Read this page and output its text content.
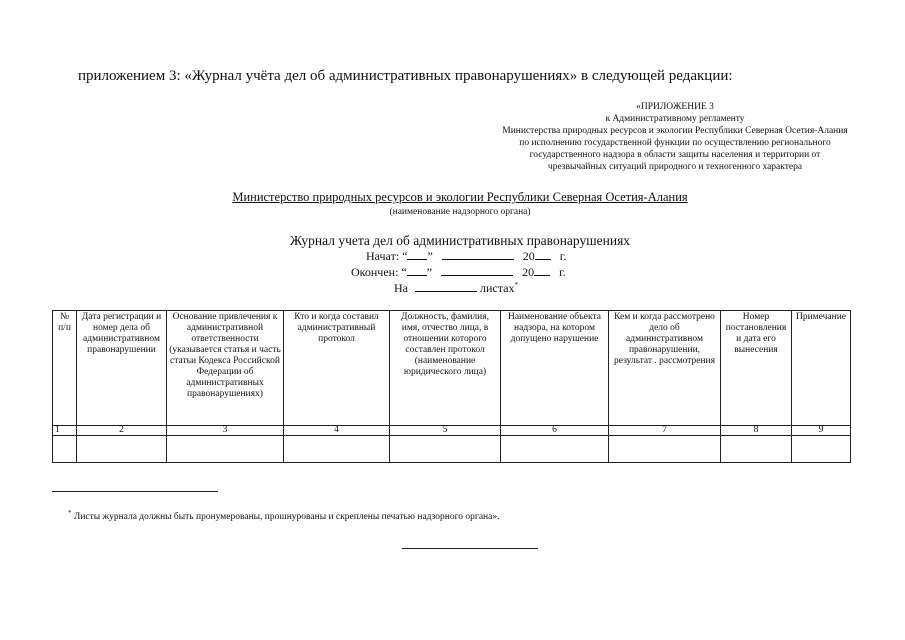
приложением 3: «Журнал учёта дел об административных правонарушениях» в следующей редакции:
«ПРИЛОЖЕНИЕ 3
к Административному регламенту
Министерства природных ресурсов и экологии Республики Северная Осетия-Алания
по исполнению государственной функции по осуществлению регионального
государственного надзора в области защиты населения и территории от
чрезвычайных ситуаций природного и техногенного характера
Министерство природных ресурсов и экологии Республики Северная Осетия-Алания
(наименование надзорного органа)
Журнал учета дел об административных правонарушениях
Начат: “ ”	20 г.
Окончен: “ ”	20 г.
На	листах*
№ п/п	Дата регистрации и номер дела об административном правонарушении	Основание привлечения к административной ответственности (указывается статья и часть статьи Кодекса Российской Федерации об административных правонарушениях)	Кто и когда составил административный протокол	Должность, фамилия, имя, отчество лица, в отношении которого составлен протокол (наименование юридического лица)	Наименование объекта надзора, на котором допущено нарушение	Кем и когда рассмотрено дело об административном правонарушении, результат . рассмотрения	Номер постановления и дата его вынесения	Примечание
1	2	3	4	5	6	7	8	9

* Листы журнала должны быть пронумерованы, прошнурованы и скреплены печатью надзорного органа».
